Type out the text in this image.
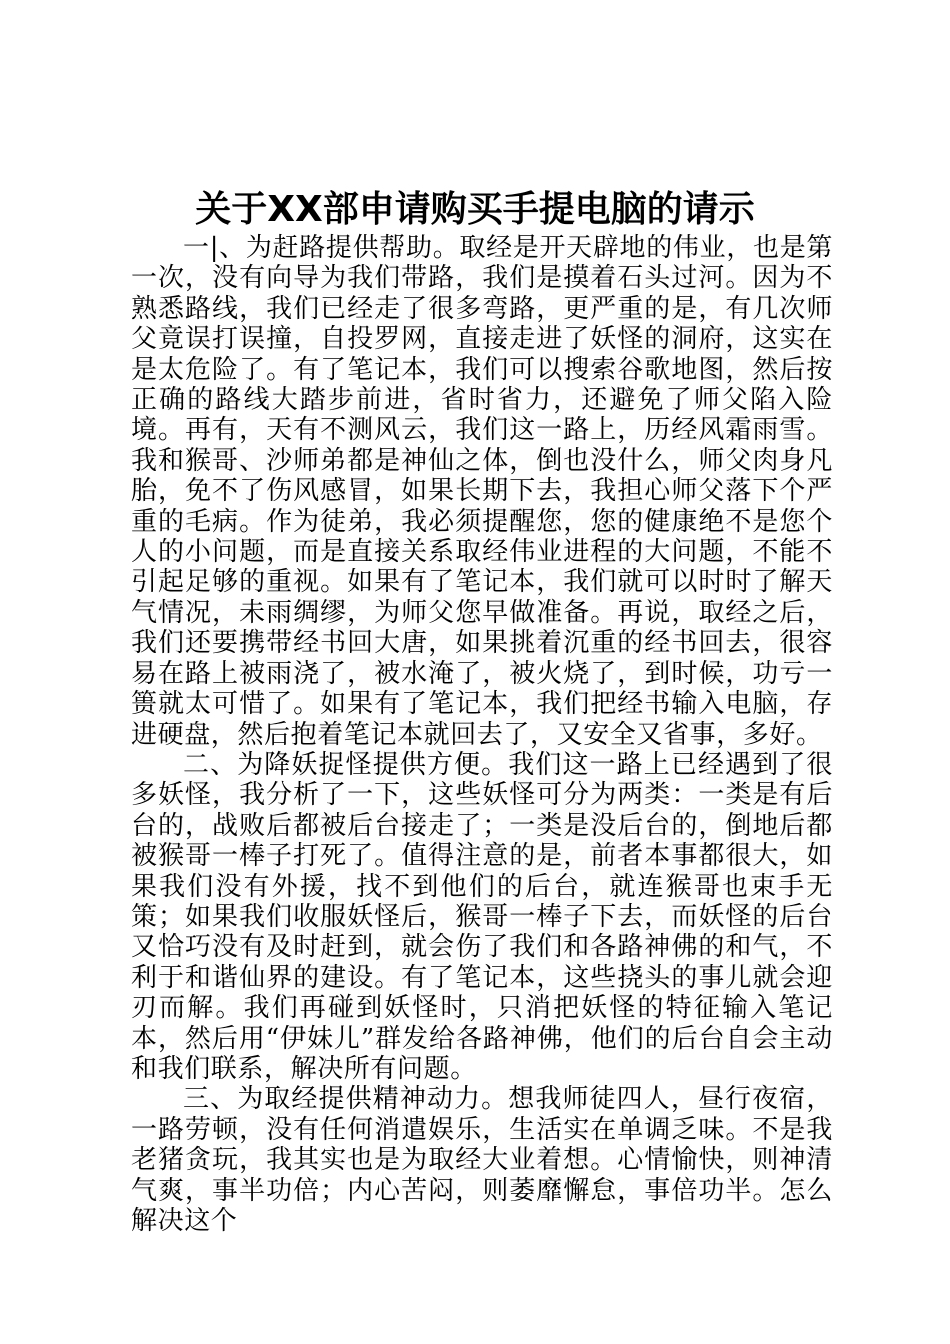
关于XX部申请购买手提电脑的请示

一|、为赶路提供帮助。取经是开天辟地的伟业，也是第一次，没有向导为我们带路，我们是摸着石头过河。因为不熟悉路线，我们已经走了很多弯路，更严重的是，有几次师父竟误打误撞，自投罗网，直接走进了妖怪的洞府，这实在是太危险了。有了笔记本，我们可以搜索谷歌地图，然后按正确的路线大踏步前进，省时省力，还避免了师父陷入险境。再有，天有不测风云，我们这一路上，历经风霜雨雪。我和猴哥、沙师弟都是神仙之体，倒也没什么，师父肉身凡胎，免不了伤风感冒，如果长期下去，我担心师父落下个严重的毛病。作为徒弟，我必须提醒您，您的健康绝不是您个人的小问题，而是直接关系取经伟业进程的大问题，不能不引起足够的重视。如果有了笔记本，我们就可以时时了解天气情况，未雨绸缪，为师父您早做准备。再说，取经之后，我们还要携带经书回大唐，如果挑着沉重的经书回去，很容易在路上被雨浇了，被水淹了，被火烧了，到时候，功亏一篑就太可惜了。如果有了笔记本，我们把经书输入电脑，存进硬盘，然后抱着笔记本就回去了，又安全又省事，多好。

二、为降妖捉怪提供方便。我们这一路上已经遇到了很多妖怪，我分析了一下，这些妖怪可分为两类：一类是有后台的，战败后都被后台接走了；一类是没后台的，倒地后都被猴哥一棒子打死了。值得注意的是，前者本事都很大，如果我们没有外援，找不到他们的后台，就连猴哥也束手无策；如果我们收服妖怪后，猴哥一棒子下去，而妖怪的后台又恰巧没有及时赶到，就会伤了我们和各路神佛的和气，不利于和谐仙界的建设。有了笔记本，这些挠头的事儿就会迎刃而解。我们再碰到妖怪时，只消把妖怪的特征输入笔记本，然后用“伊妹儿”群发给各路神佛，他们的后台自会主动和我们联系，解决所有问题。

三、为取经提供精神动力。想我师徒四人，昼行夜宿，一路劳顿，没有任何消遣娱乐，生活实在单调乏味。不是我老猪贪玩，我其实也是为取经大业着想。心情愉快，则神清气爽，事半功倍；内心苦闷，则萎靡懈怠，事倍功半。怎么解决这个
